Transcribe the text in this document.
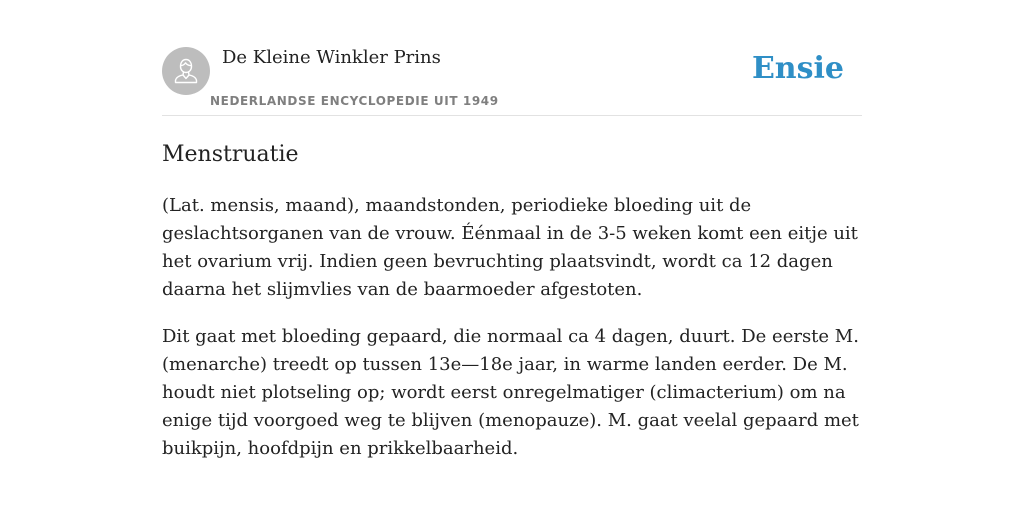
De Kleine Winkler Prins
NEDERLANDSE ENCYCLOPEDIE UIT 1949
Ensie
Menstruatie

(Lat. mensis, maand), maandstonden, periodieke bloeding uit de geslachtsorganen van de vrouw. Éénmaal in de 3-5 weken komt een eitje uit het ovarium vrij. Indien geen bevruchting plaatsvindt, wordt ca 12 dagen daarna het slijmvlies van de baarmoeder afgestoten.

Dit gaat met bloeding gepaard, die normaal ca 4 dagen, duurt. De eerste M. (menarche) treedt op tussen 13e—18e jaar, in warme landen eerder. De M. houdt niet plotseling op; wordt eerst onregelmatiger (climacterium) om na enige tijd voorgoed weg te blijven (menopauze). M. gaat veelal gepaard met buikpijn, hoofdpijn en prikkelbaarheid.
